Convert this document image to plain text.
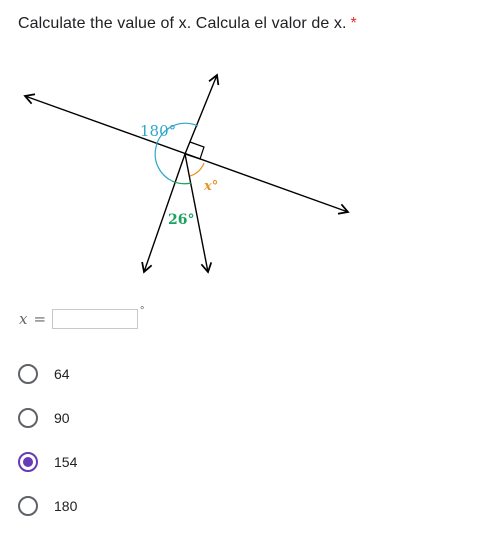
Calculate the value of x. Calcula el valor de x. *
180°
26°
x°
x =	°
64
90
154
180
